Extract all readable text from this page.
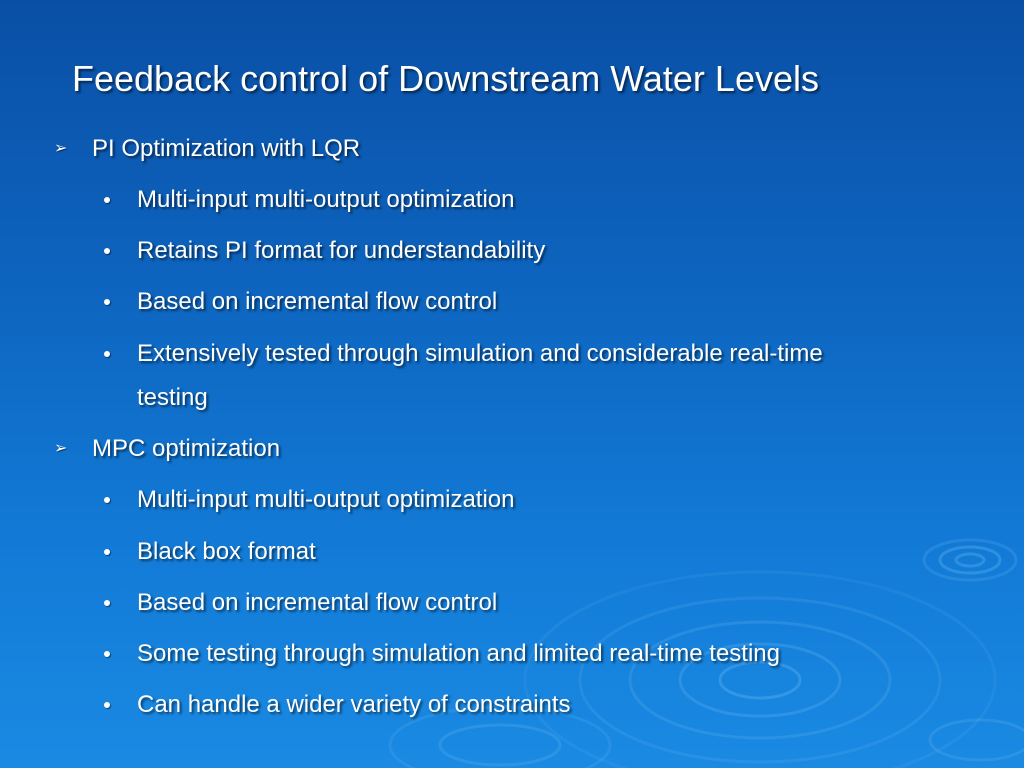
Feedback control of Downstream Water Levels
➢ PI Optimization with LQR
Multi-input multi-output optimization
Retains PI format for understandability
Based on incremental flow control
Extensively tested through simulation and considerable real-time
testing
➢ MPC optimization
Multi-input multi-output optimization
Black box format
Based on incremental flow control
Some testing through simulation and limited real-time testing
Can handle a wider variety of constraints
